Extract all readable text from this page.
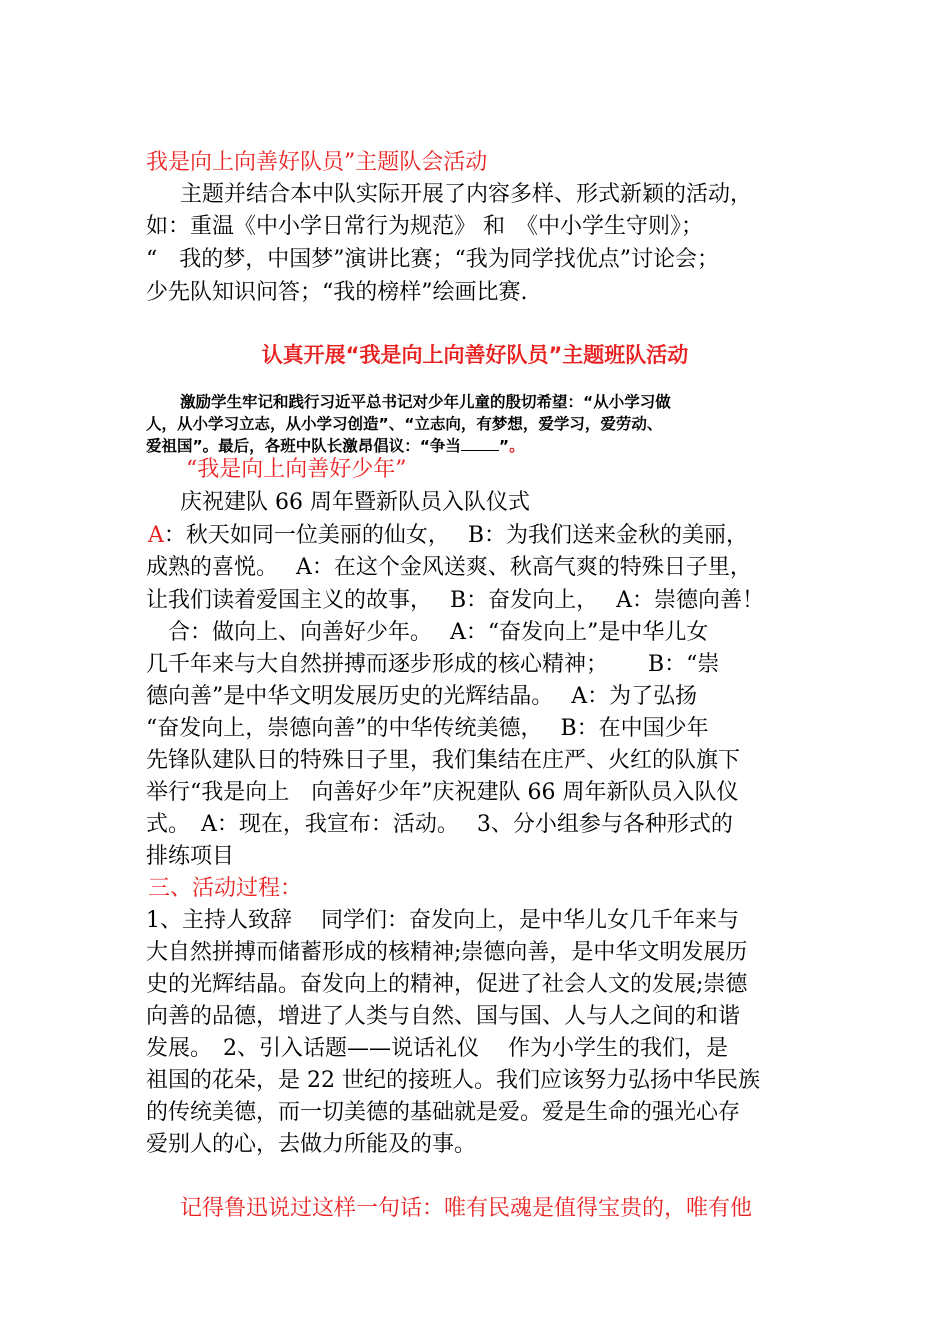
我是向上向善好队员”主题队会活动
主题并结合本中队实际开展了内容多样、形式新颖的活动，
如：重温《中小学日常行为规范》 和　《中小学生守则》；
“　我的梦，中国梦”演讲比赛；“我为同学找优点”讨论会；
少先队知识问答；“我的榜样”绘画比赛.
认真开展“我是向上向善好队员”主题班队活动
激励学生牢记和践行习近平总书记对少年儿童的殷切希望：“从小学习做
人，从小学习立志，从小学习创造”、“立志向，有梦想，爱学习，爱劳动、
爱祖国”。最后，各班中队长激昂倡议：“争当 ”。
“我是向上向善好少年”
庆祝建队 66 周年暨新队员入队仪式
A：秋天如同一位美丽的仙女，　 B：为我们送来金秋的美丽，
成熟的喜悦。　 A：在这个金风送爽、秋高气爽的特殊日子里，
让我们读着爱国主义的故事，　 B：奋发向上，　 A：崇德向善！
　合：做向上、向善好少年。　 A：“奋发向上”是中华儿女
几千年来与大自然拼搏而逐步形成的核心精神；　　 B：“崇
德向善”是中华文明发展历史的光辉结晶。　 A：为了弘扬
“奋发向上，崇德向善”的中华传统美德，　 B：在中国少年
先锋队建队日的特殊日子里，我们集结在庄严、火红的队旗下
举行“我是向上　向善好少年”庆祝建队 66 周年新队员入队仪
式。　A：现在，我宣布：活动。　 3、分小组参与各种形式的
排练项目
三、活动过程：
1、主持人致辞　 同学们：奋发向上，是中华儿女几千年来与
大自然拼搏而储蓄形成的核精神;崇德向善，是中华文明发展历
史的光辉结晶。奋发向上的精神，促进了社会人文的发展;崇德
向善的品德，增进了人类与自然、国与国、人与人之间的和谐
发展。　2、引入话题——说话礼仪　 作为小学生的我们，是
祖国的花朵，是 22 世纪的接班人。我们应该努力弘扬中华民族
的传统美德，而一切美德的基础就是爱。爱是生命的强光心存
爱别人的心，去做力所能及的事。
记得鲁迅说过这样一句话：唯有民魂是值得宝贵的，唯有他
